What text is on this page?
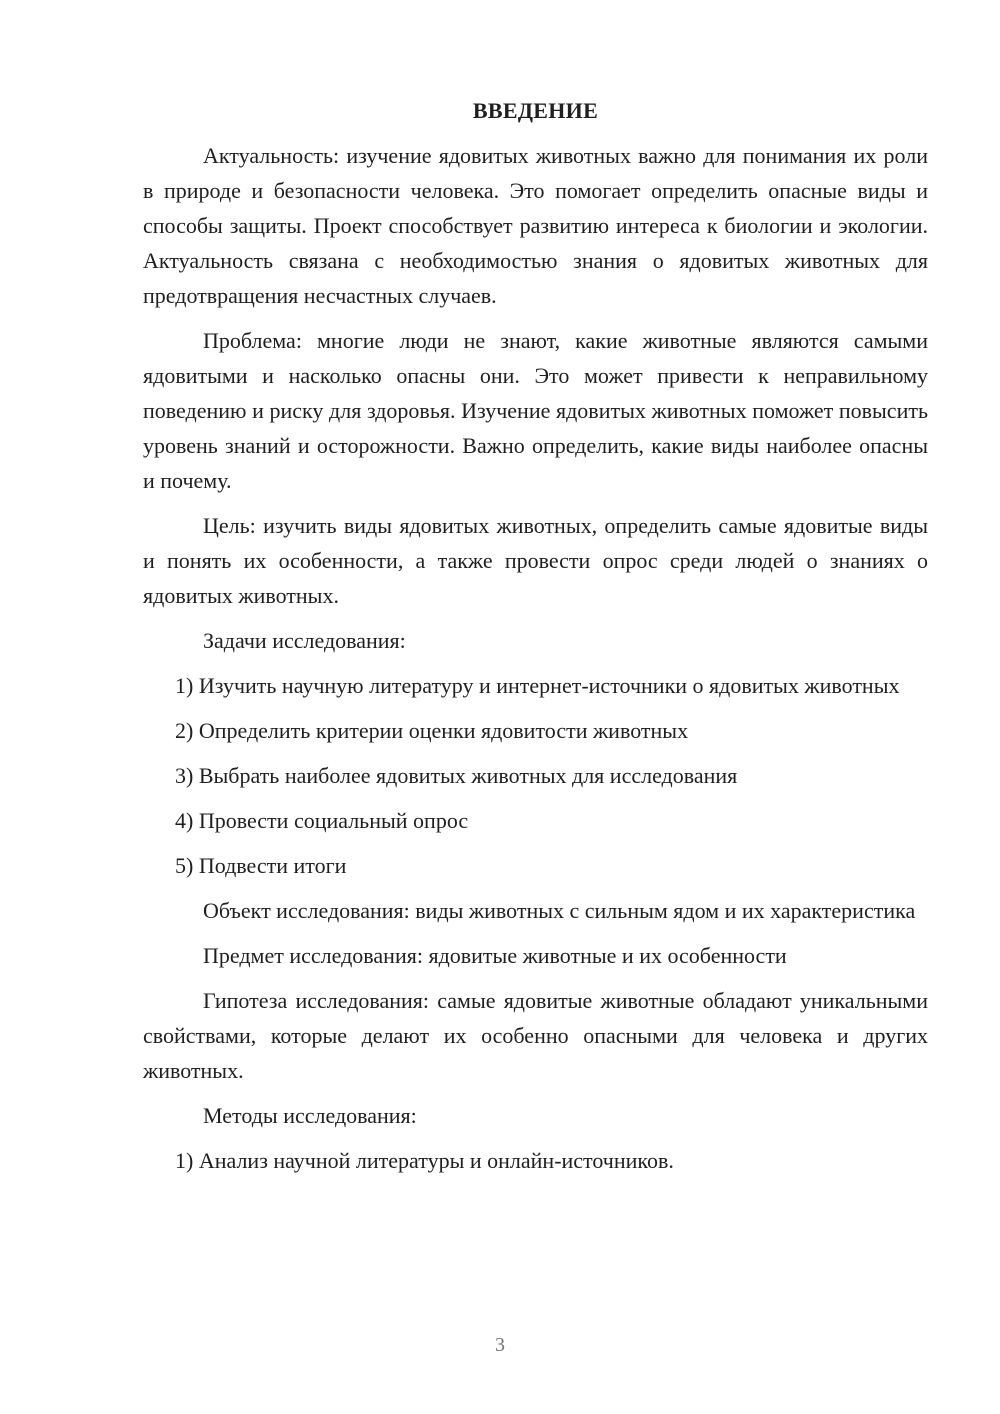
ВВЕДЕНИЕ

Актуальность: изучение ядовитых животных важно для понимания их роли в природе и безопасности человека. Это помогает определить опасные виды и способы защиты. Проект способствует развитию интереса к биологии и экологии. Актуальность связана с необходимостью знания о ядовитых животных для предотвращения несчастных случаев.

Проблема: многие люди не знают, какие животные являются самыми ядовитыми и насколько опасны они. Это может привести к неправильному поведению и риску для здоровья. Изучение ядовитых животных поможет повысить уровень знаний и осторожности. Важно определить, какие виды наиболее опасны и почему.

Цель: изучить виды ядовитых животных, определить самые ядовитые виды и понять их особенности, а также провести опрос среди людей о знаниях о ядовитых животных.

Задачи исследования:

1) Изучить научную литературу и интернет-источники о ядовитых животных

2) Определить критерии оценки ядовитости животных

3) Выбрать наиболее ядовитых животных для исследования

4) Провести социальный опрос

5) Подвести итоги

Объект исследования: виды животных с сильным ядом и их характеристика

Предмет исследования: ядовитые животные и их особенности

Гипотеза исследования: самые ядовитые животные обладают уникальными свойствами, которые делают их особенно опасными для человека и других животных.

Методы исследования:

1) Анализ научной литературы и онлайн-источников.

3
